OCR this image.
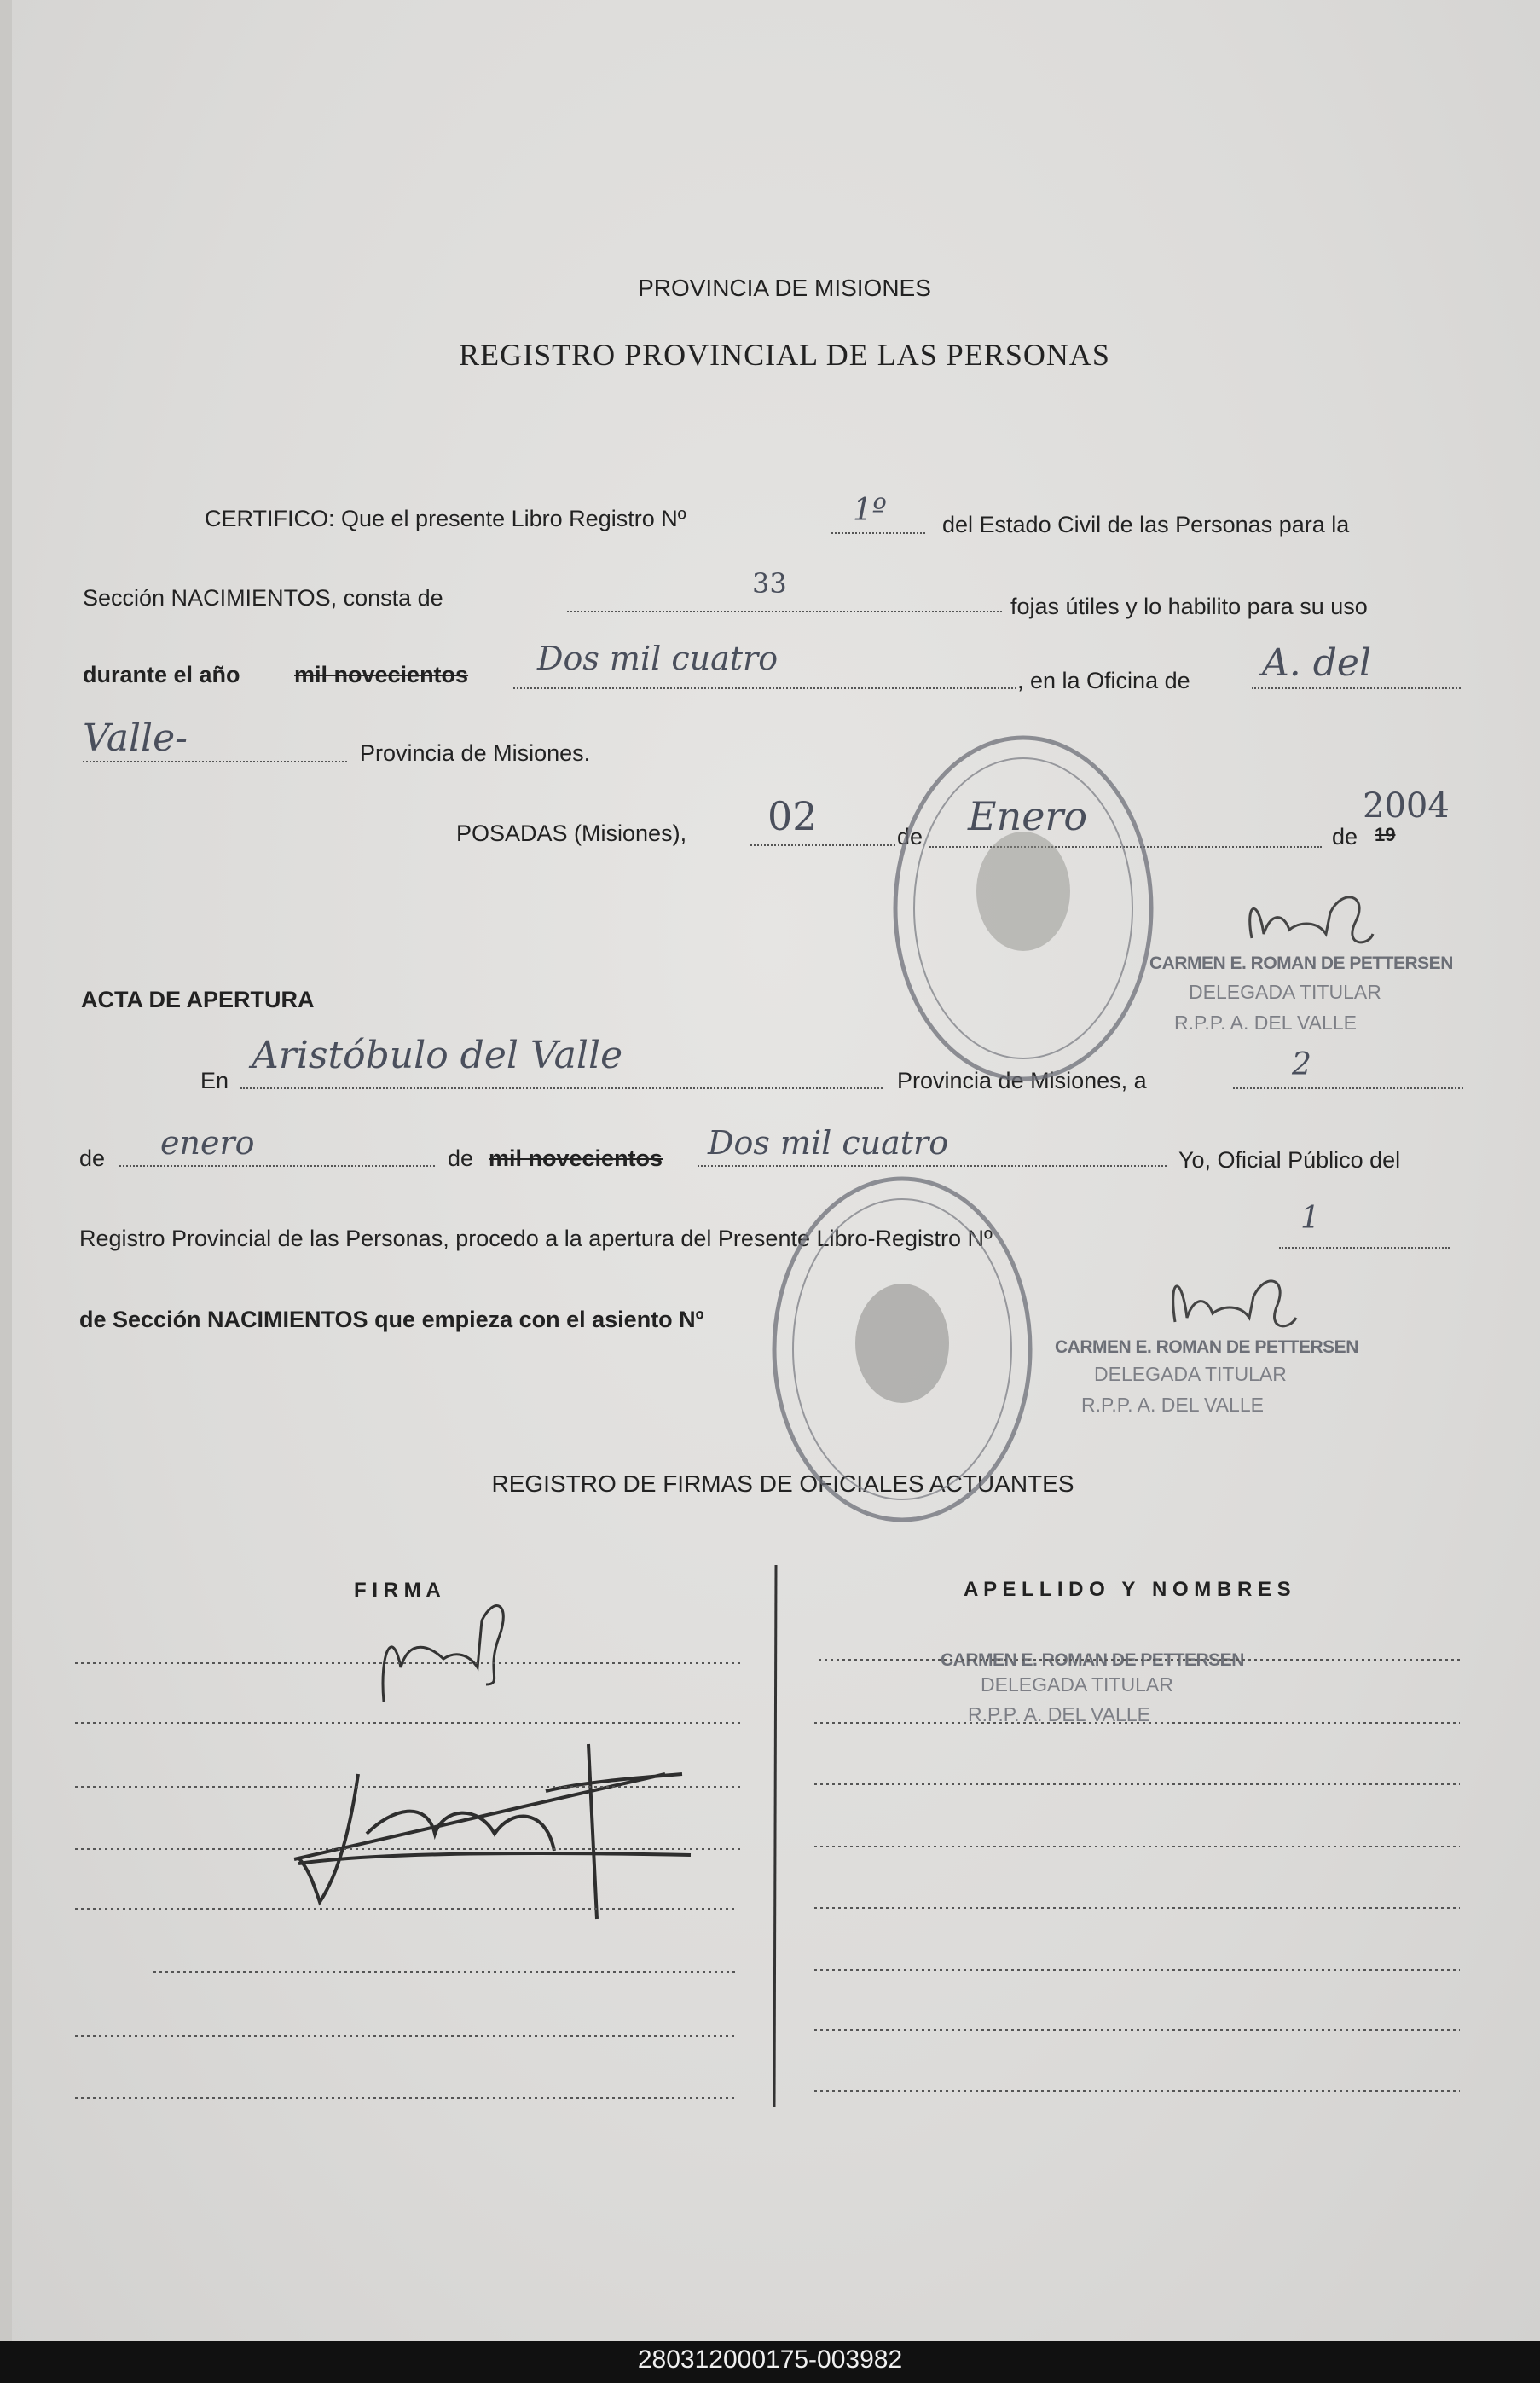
PROVINCIA DE MISIONES
REGISTRO PROVINCIAL DE LAS PERSONAS
CERTIFICO: Que el presente Libro Registro Nº	1º del Estado Civil de las Personas para la
Sección NACIMIENTOS, consta de	33
fojas útiles y lo habilito para su uso
durante el año mil novecientos Dos mil cuatro
, en la Oficina de A. del
Valle-	Provincia de Misiones.
POSADAS (Misiones), 02	de Enero	de 19
2004
CARMEN E. ROMAN DE PETTERSEN
DELEGADA TITULAR
R.P.P. A. DEL VALLE
ACTA DE APERTURA
En
Aristóbulo del Valle
Provincia de Misiones, a	2
de enero	de mil novecientos Dos mil cuatro	Yo, Oficial Público del
Registro Provincial de las Personas, procedo a la apertura del Presente Libro-Registro Nº
1
de Sección NACIMIENTOS que empieza con el asiento Nº
CARMEN E. ROMAN DE PETTERSEN
DELEGADA TITULAR
R.P.P. A. DEL VALLE
REGISTRO DE FIRMAS DE OFICIALES ACTUANTES
F I R M A	A P E L L I D O   Y   N O M B R E S
CARMEN E. ROMAN DE PETTERSEN
DELEGADA TITULAR
R.P.P. A. DEL VALLE
280312000175-003982
